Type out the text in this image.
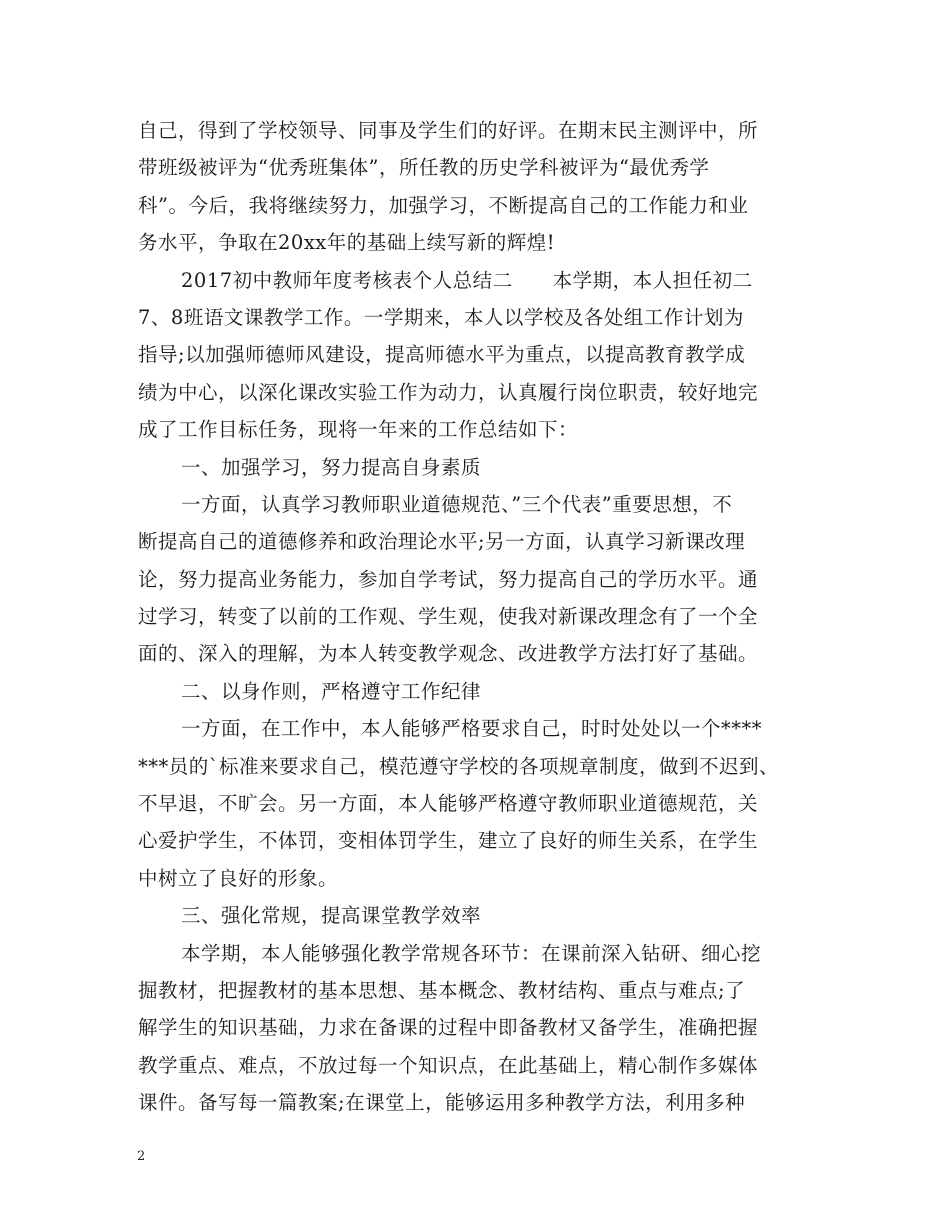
自己，得到了学校领导、同事及学生们的好评。在期末民主测评中，所
带班级被评为“优秀班集体”，所任教的历史学科被评为“最优秀学
科”。今后，我将继续努力，加强学习，不断提高自己的工作能力和业
务水平，争取在20xx年的基础上续写新的辉煌!
2017初中教师年度考核表个人总结二　　本学期，本人担任初二
7、8班语文课教学工作。一学期来，本人以学校及各处组工作计划为
指导;以加强师德师风建设，提高师德水平为重点，以提高教育教学成
绩为中心，以深化课改实验工作为动力，认真履行岗位职责，较好地完
成了工作目标任务，现将一年来的工作总结如下：
一、加强学习，努力提高自身素质
一方面，认真学习教师职业道德规范、”三个代表”重要思想，不
断提高自己的道德修养和政治理论水平;另一方面，认真学习新课改理
论，努力提高业务能力，参加自学考试，努力提高自己的学历水平。通
过学习，转变了以前的工作观、学生观，使我对新课改理念有了一个全
面的、深入的理解，为本人转变教学观念、改进教学方法打好了基础。
二、以身作则，严格遵守工作纪律
一方面，在工作中，本人能够严格要求自己，时时处处以一个****
***员的`标准来要求自己，模范遵守学校的各项规章制度，做到不迟到、
不早退，不旷会。另一方面，本人能够严格遵守教师职业道德规范，关
心爱护学生，不体罚，变相体罚学生，建立了良好的师生关系，在学生
中树立了良好的形象。
三、强化常规，提高课堂教学效率
本学期，本人能够强化教学常规各环节：在课前深入钻研、细心挖
掘教材，把握教材的基本思想、基本概念、教材结构、重点与难点;了
解学生的知识基础，力求在备课的过程中即备教材又备学生，准确把握
教学重点、难点，不放过每一个知识点，在此基础上，精心制作多媒体
课件。备写每一篇教案;在课堂上，能够运用多种教学方法，利用多种
2
